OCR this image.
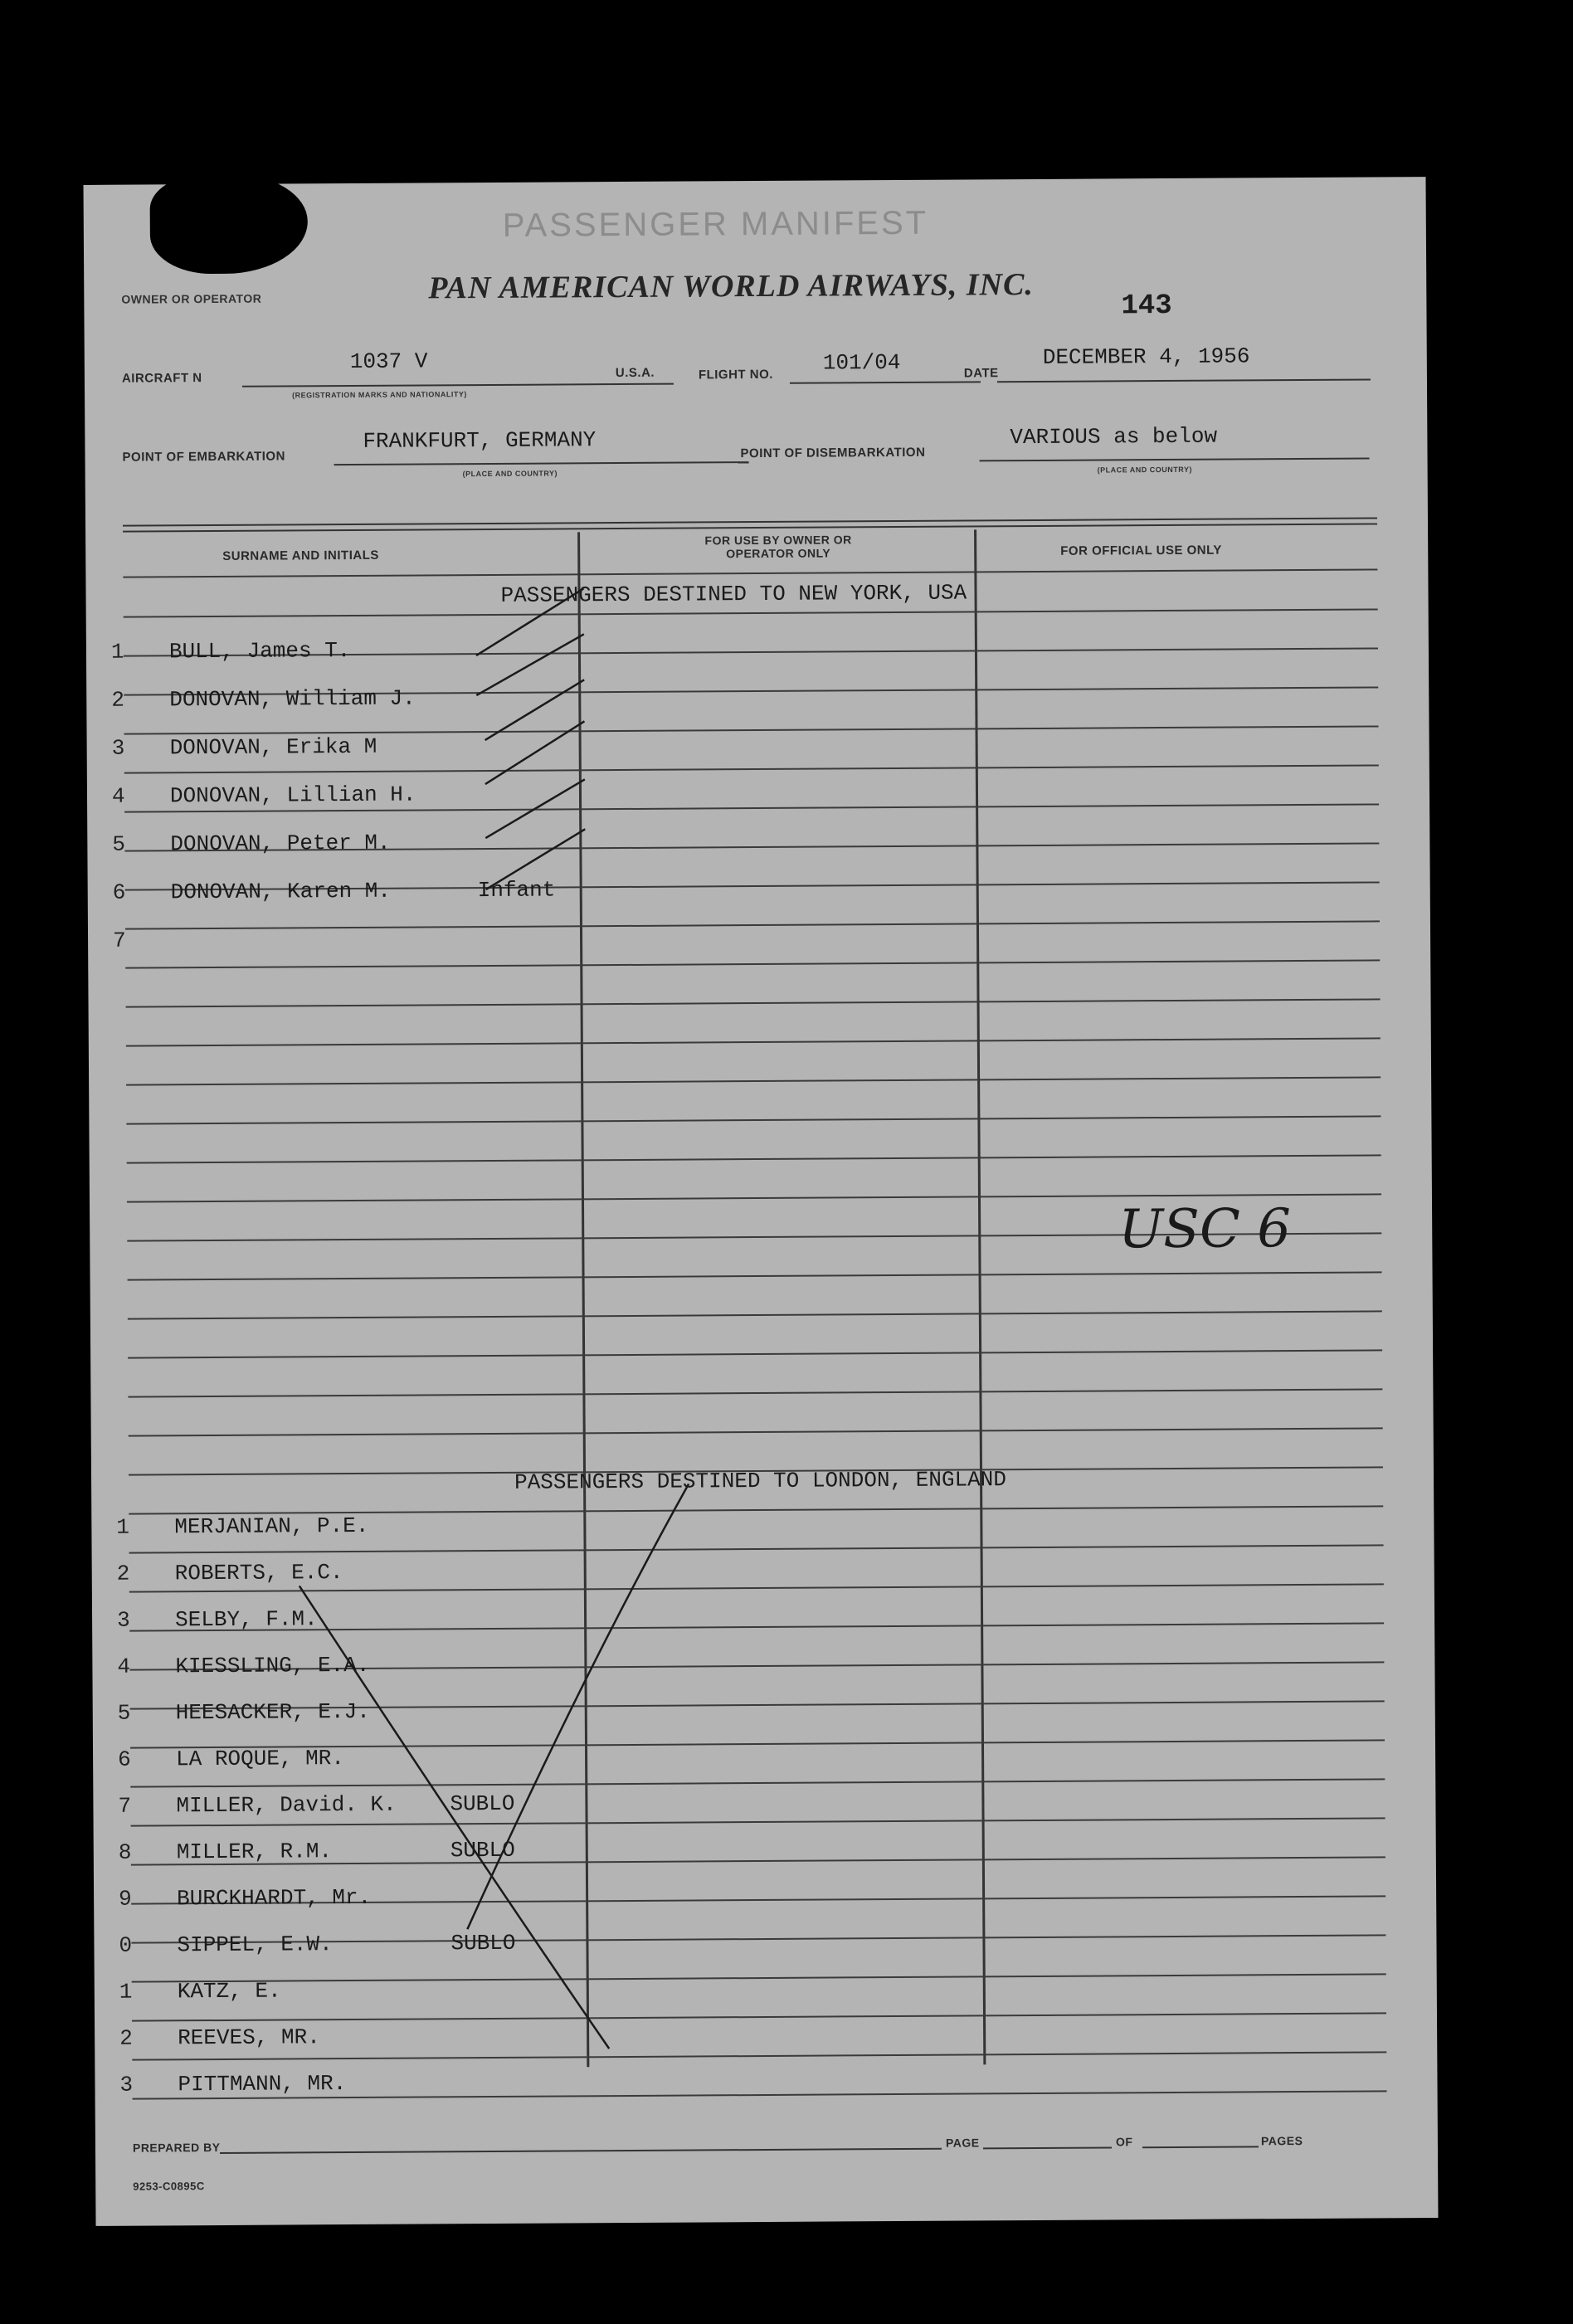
PASSENGER MANIFEST
OWNER OR OPERATOR	PAN AMERICAN WORLD AIRWAYS, INC.
143
AIRCRAFT N
1037 V
(REGISTRATION MARKS AND NATIONALITY)
U.S.A.	FLIGHT NO. 101/04	DATE
DECEMBER 4, 1956
POINT OF EMBARKATION
FRANKFURT, GERMANY
(PLACE AND COUNTRY)
POINT OF DISEMBARKATION
VARIOUS as below
(PLACE AND COUNTRY)
SURNAME AND INITIALS
FOR USE BY OWNER OR OPERATOR ONLY	FOR OFFICIAL USE ONLY
PASSENGERS DESTINED TO NEW YORK, USA
1 BULL, James T.
2 DONOVAN, William J.
3 DONOVAN, Erika M
4 DONOVAN, Lillian H.
5 DONOVAN, Peter M.
6 DONOVAN, Karen M.	Infant
7
PASSENGERS DESTINED TO LONDON, ENGLAND
1 MERJANIAN, P.E.
2 ROBERTS, E.C.
3 SELBY, F.M.
4 KIESSLING, E.A.
5 HEESACKER, E.J.
6 LA ROQUE, MR.
7 MILLER, David. K. SUBLO
8 MILLER, R.M.	SUBLO
9 BURCKHARDT, Mr.
0 SIPPEL, E.W.	SUBLO
1 KATZ, E.
2 REEVES, MR.
3 PITTMANN, MR.
USC 6
PREPARED BY	PAGE	OF	PAGES
9253-C0895C
